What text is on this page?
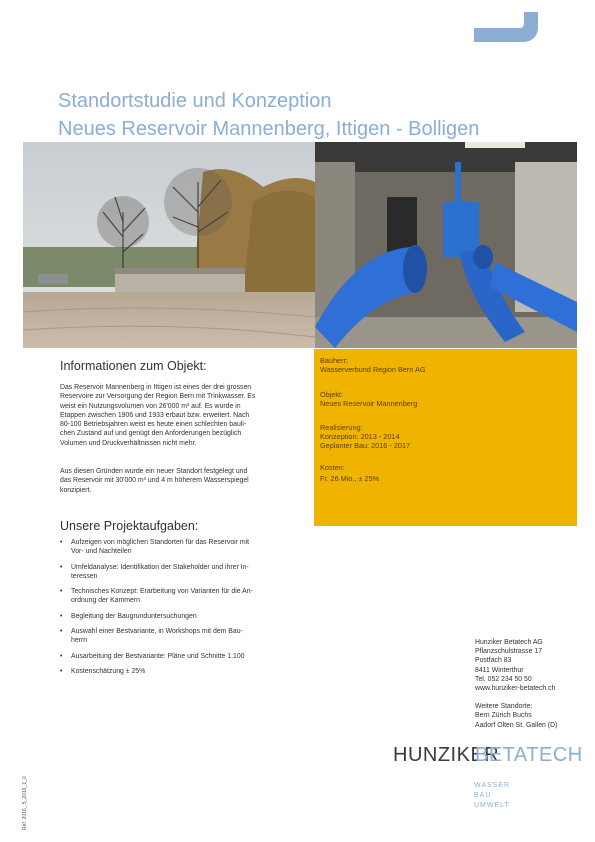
Standortstudie und Konzeption
Neues Reservoir Mannenberg, Ittigen - Bolligen
Bauherr:
Wasserverbund Region Bern AG
Objekt:
Neues Reservoir Mannenberg
Realisierung:
Konzeption: 2013 - 2014
Geplanter Bau: 2016 - 2017
Kosten:
Fr. 26 Mio., ± 25%
Informationen zum Objekt:
Das Reservoir Mannenberg in Ittigen ist eines der drei grossen
Reservoire zur Versorgung der Region Bern mit Trinkwasser. Es
weist ein Nutzungsvolumen von 26'000 m³ auf. Es wurde in
Etappen zwischen 1906 und 1933 erbaut bzw. erweitert. Nach
80-100 Betriebsjahren weist es heute einen schlechten bauli-
chen Zustand auf und genügt den Anforderungen bezüglich
Volumen und Druckverhältnissen nicht mehr.
Aus diesen Gründen wurde ein neuer Standort festgelegt und
das Reservoir mit 30'000 m³ und 4 m höherem Wasserspiegel
konzipiert.
Unsere Projektaufgaben:
• Aufzeigen von möglichen Standorten für das Reservoir mit
Vor- und Nachteilen
• Umfeldanalyse: Identifikation der Stakeholder und ihrer In-
teressen
• Technisches Konzept: Erarbeitung von Varianten für die An-
ordnung der Kammern
• Begleitung der Baugrunduntersuchungen
• Auswahl einer Bestvariante, in Workshops mit dem Bau-
herrn
• Ausarbeitung der Bestvariante: Pläne und Schnitte 1:100
• Kostenschätzung ± 25%
Hunziker Betatech AG
Pflanzschulstrasse 17
Postfach 83
8411 Winterthur
Tel. 052 234 50 50
www.hunziker-betatech.ch
Weitere Standorte:
Bern Zürich Buchs
Aadorf Olten St. Gallen (D)
HUNZIKER
BETATECH
WASSER
BAU
UMWELT
Ref: 2016_ 5_2016_1_0
